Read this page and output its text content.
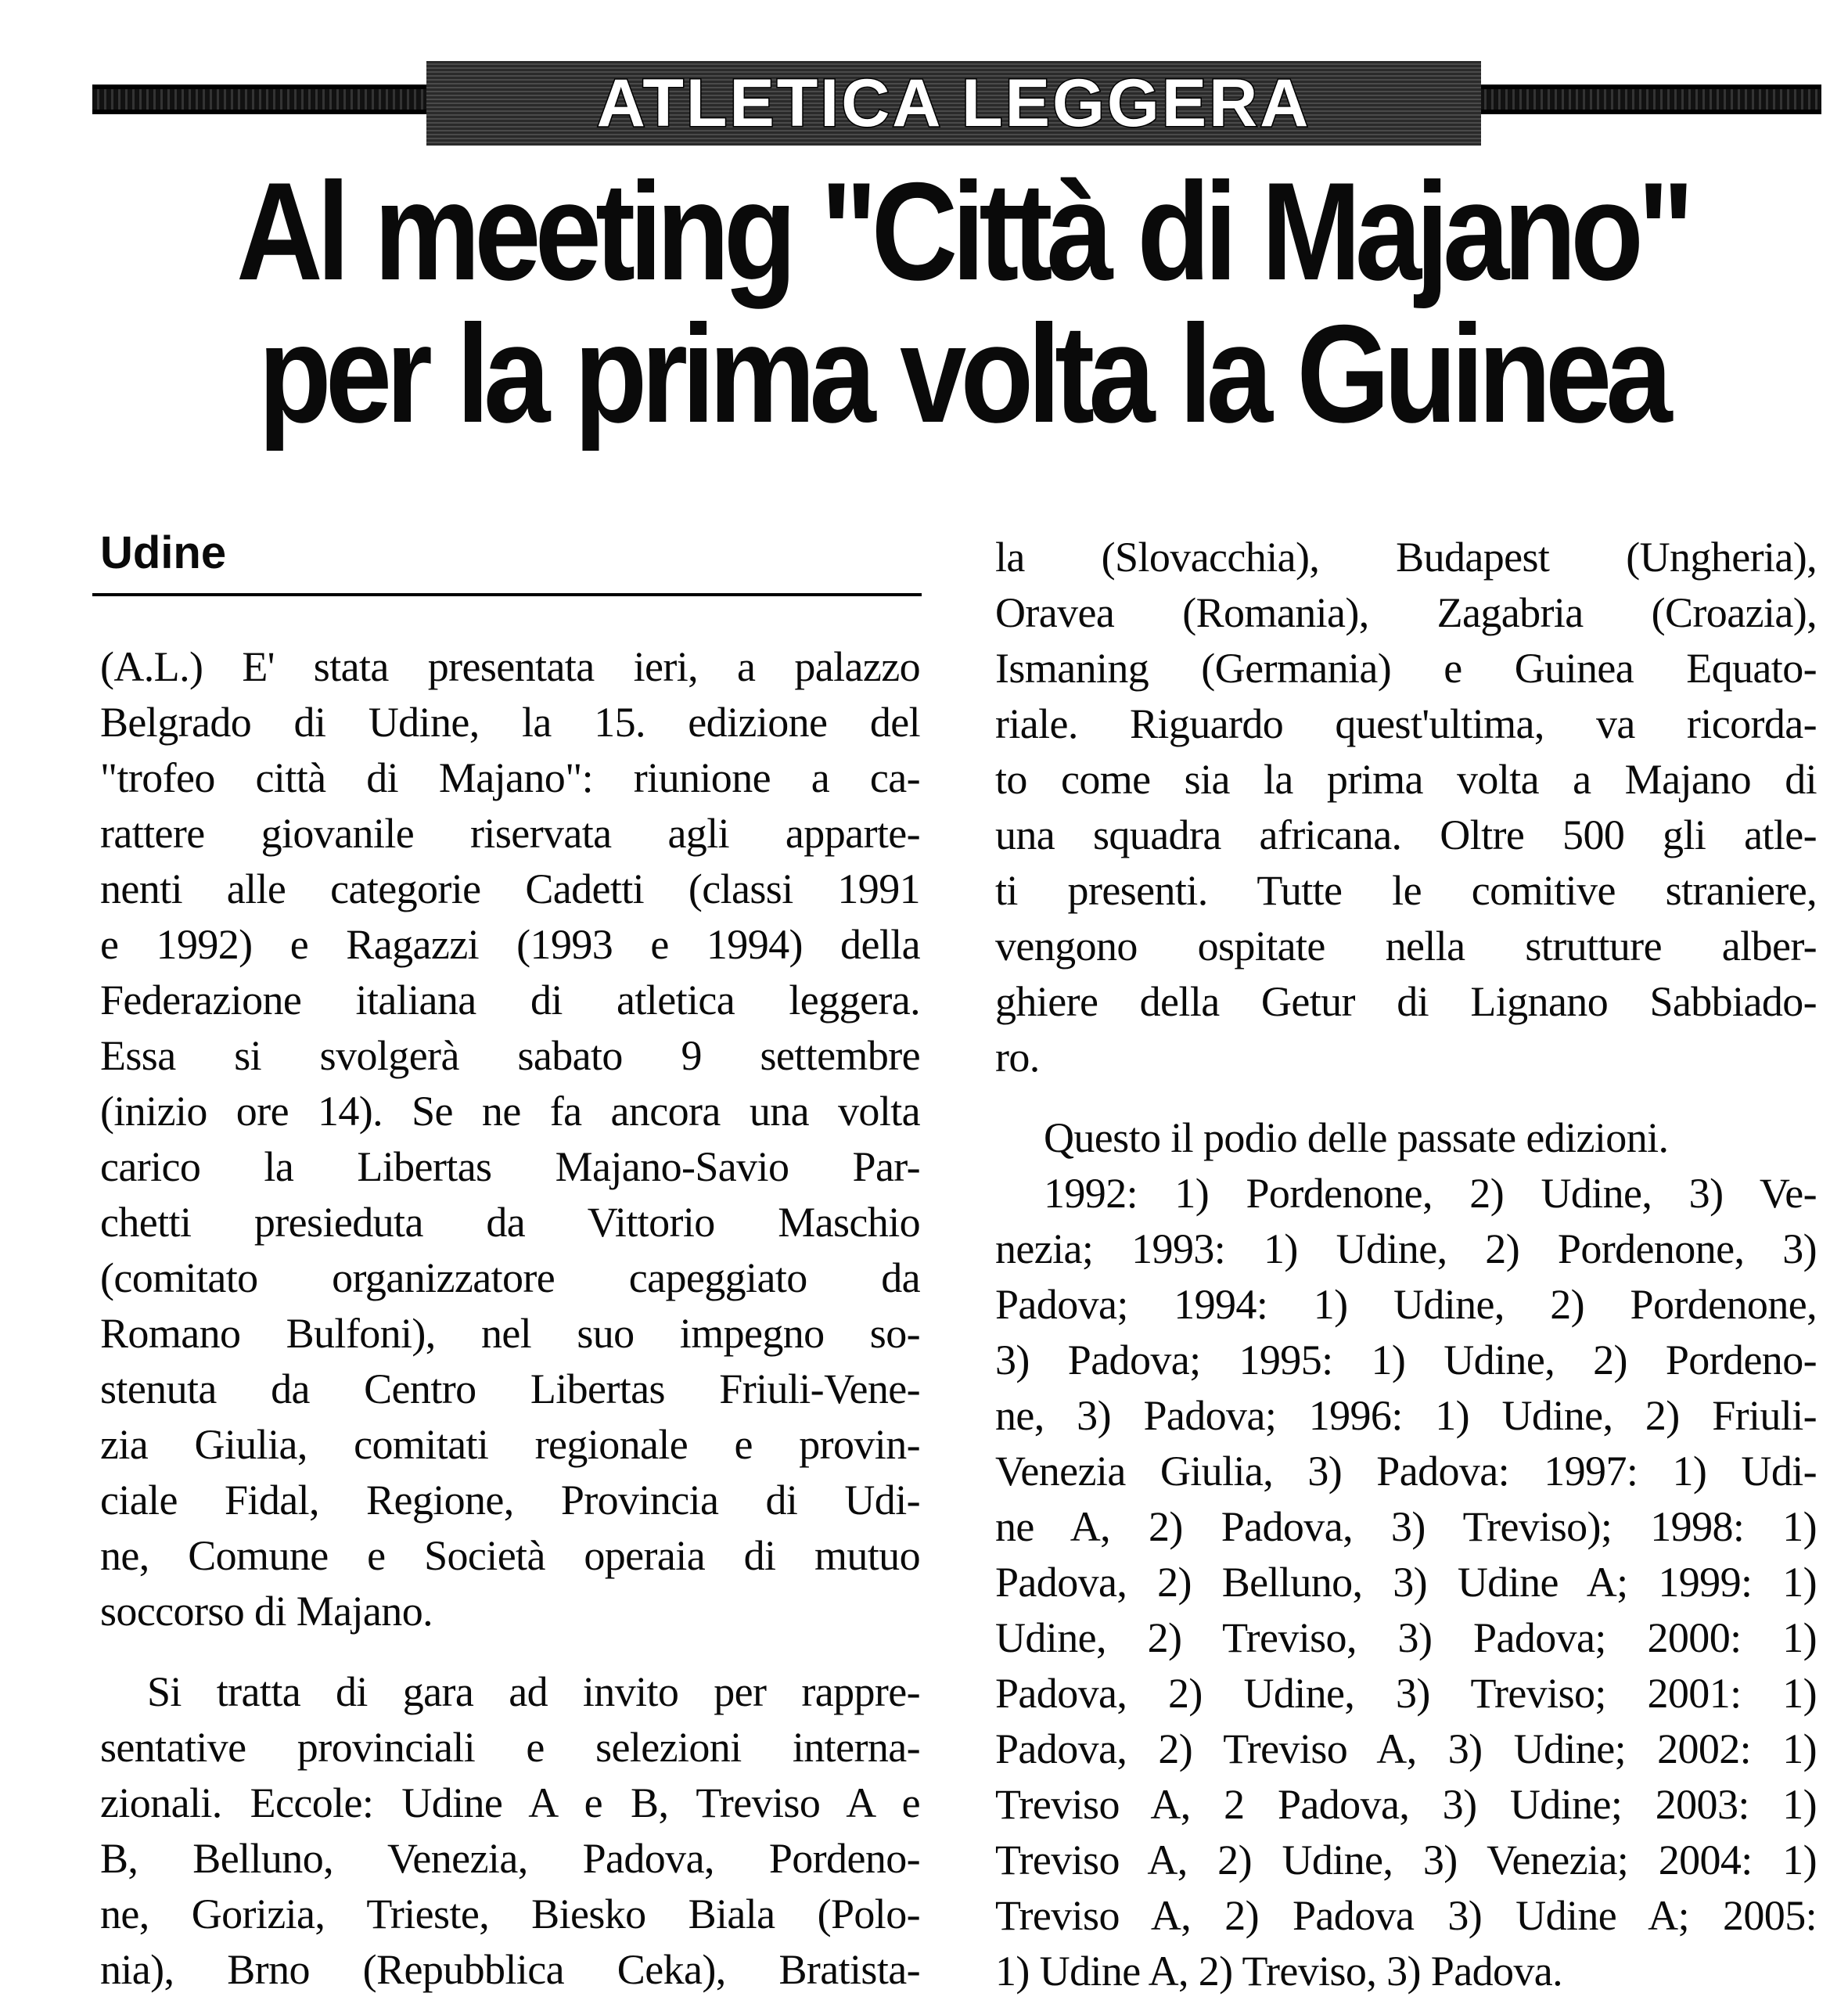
ATLETICA LEGGERA
Al meeting "Città di Majano"
per la prima volta la Guinea
Udine
(A.L.) E' stata presentata ieri, a palazzo
Belgrado di Udine, la 15. edizione del
"trofeo città di Majano": riunione a ca-
rattere giovanile riservata agli apparte-
nenti alle categorie Cadetti (classi 1991
e 1992) e Ragazzi (1993 e 1994) della
Federazione italiana di atletica leggera.
Essa si svolgerà sabato 9 settembre
(inizio ore 14). Se ne fa ancora una volta
carico la Libertas Majano-Savio Par-
chetti presieduta da Vittorio Maschio
(comitato organizzatore capeggiato da
Romano Bulfoni), nel suo impegno so-
stenuta da Centro Libertas Friuli-Vene-
zia Giulia, comitati regionale e provin-
ciale Fidal, Regione, Provincia di Udi-
ne, Comune e Società operaia di mutuo
soccorso di Majano.
Si tratta di gara ad invito per rappre-
sentative provinciali e selezioni interna-
zionali. Eccole: Udine A e B, Treviso A e
B, Belluno, Venezia, Padova, Pordeno-
ne, Gorizia, Trieste, Biesko Biala (Polo-
nia), Brno (Repubblica Ceka), Bratista-
la (Slovacchia), Budapest (Ungheria),
Oravea (Romania), Zagabria (Croazia),
Ismaning (Germania) e Guinea Equato-
riale. Riguardo quest'ultima, va ricorda-
to come sia la prima volta a Majano di
una squadra africana. Oltre 500 gli atle-
ti presenti. Tutte le comitive straniere,
vengono ospitate nella strutture alber-
ghiere della Getur di Lignano Sabbiado-
ro.
Questo il podio delle passate edizioni.
1992: 1) Pordenone, 2) Udine, 3) Ve-
nezia; 1993: 1) Udine, 2) Pordenone, 3)
Padova; 1994: 1) Udine, 2) Pordenone,
3) Padova; 1995: 1) Udine, 2) Pordeno-
ne, 3) Padova; 1996: 1) Udine, 2) Friuli-
Venezia Giulia, 3) Padova: 1997: 1) Udi-
ne A, 2) Padova, 3) Treviso); 1998: 1)
Padova, 2) Belluno, 3) Udine A; 1999: 1)
Udine, 2) Treviso, 3) Padova; 2000: 1)
Padova, 2) Udine, 3) Treviso; 2001: 1)
Padova, 2) Treviso A, 3) Udine; 2002: 1)
Treviso A, 2 Padova, 3) Udine; 2003: 1)
Treviso A, 2) Udine, 3) Venezia; 2004: 1)
Treviso A, 2) Padova 3) Udine A; 2005:
1) Udine A, 2) Treviso, 3) Padova.
